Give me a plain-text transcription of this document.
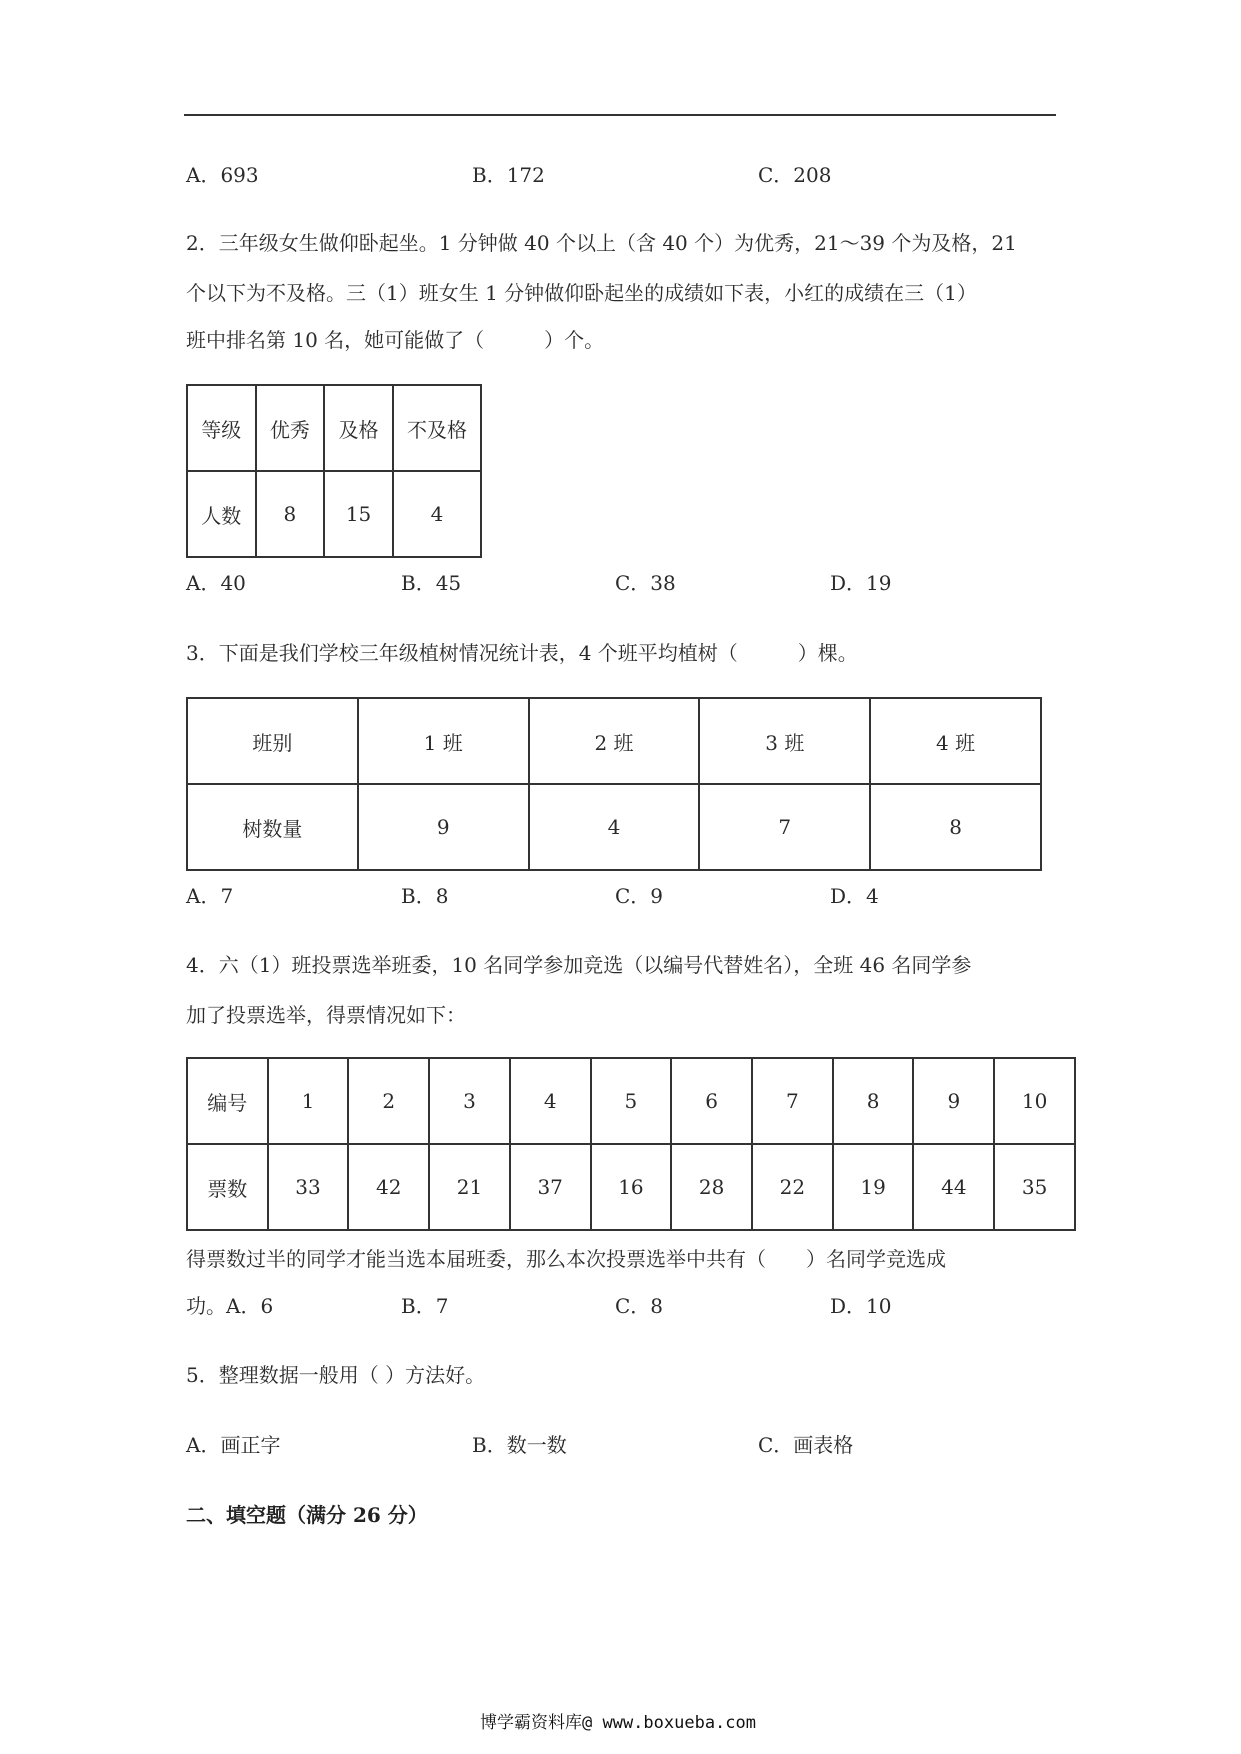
A．693	B．172	C．208
2．三年级女生做仰卧起坐。1 分钟做 40 个以上（含 40 个）为优秀，21～39 个为及格，21
个以下为不及格。三（1）班女生 1 分钟做仰卧起坐的成绩如下表，小红的成绩在三（1）
班中排名第 10 名，她可能做了（　　　）个。
等级	优秀	及格	不及格
人数	8	15	4
A．40	B．45	C．38	D．19
3．下面是我们学校三年级植树情况统计表，4 个班平均植树（　　　）棵。
班别	1 班	2 班	3 班	4 班
树数量	9	4	7	8
A．7	B．8	C．9	D．4
4．六（1）班投票选举班委，10 名同学参加竞选（以编号代替姓名），全班 46 名同学参
加了投票选举，得票情况如下：
编号	1	2	3	4	5	6	7	8	9	10
票数	33	42	21	37	16	28	22	19	44	35
得票数过半的同学才能当选本届班委，那么本次投票选举中共有（　　）名同学竞选成
功。A．6	B．7	C．8	D．10
5．整理数据一般用（ ）方法好。
A．画正字	B．数一数	C．画表格
二、填空题（满分 26 分）
博学霸资料库@ www.boxueba.com
